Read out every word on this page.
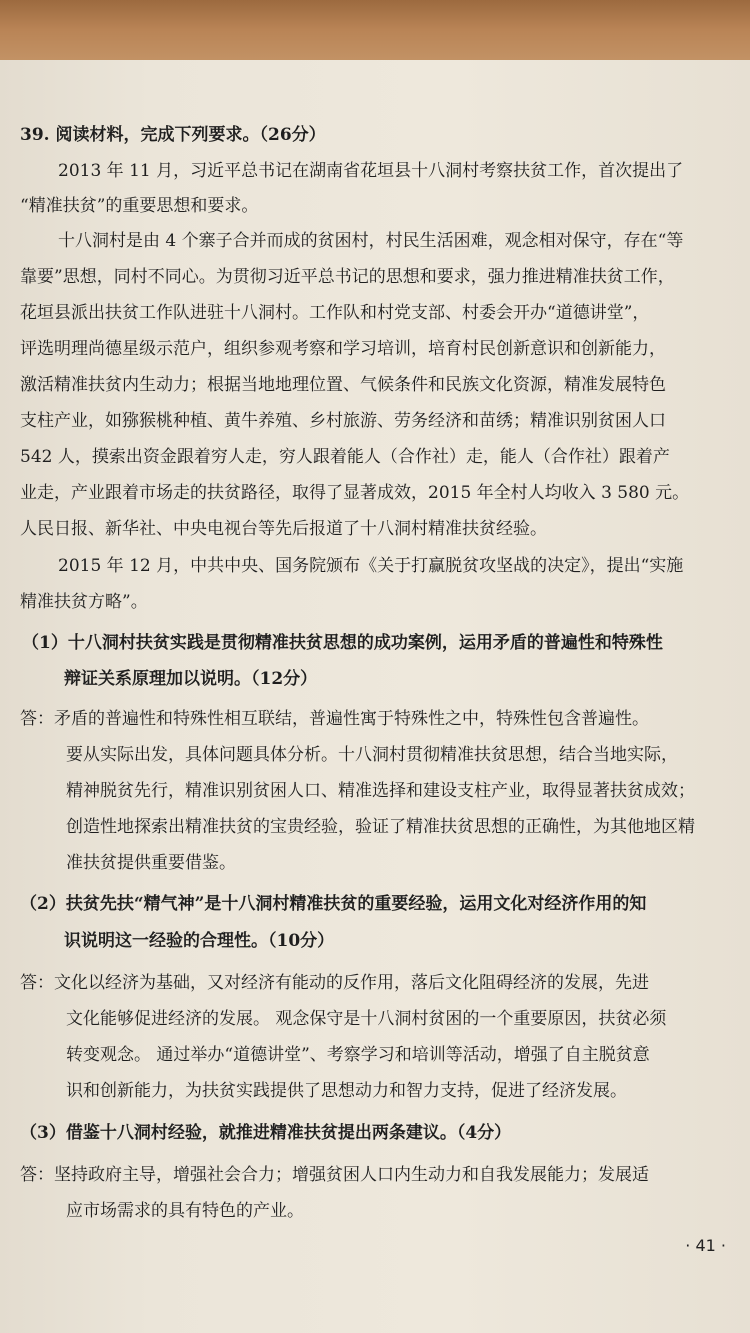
39. 阅读材料，完成下列要求。（26分）
2013 年 11 月，习近平总书记在湖南省花垣县十八洞村考察扶贫工作，首次提出了
“精准扶贫”的重要思想和要求。
十八洞村是由 4 个寨子合并而成的贫困村，村民生活困难，观念相对保守，存在“等
靠要”思想，同村不同心。为贯彻习近平总书记的思想和要求，强力推进精准扶贫工作，
花垣县派出扶贫工作队进驻十八洞村。工作队和村党支部、村委会开办“道德讲堂”，
评选明理尚德星级示范户，组织参观考察和学习培训，培育村民创新意识和创新能力，
激活精准扶贫内生动力；根据当地地理位置、气候条件和民族文化资源，精准发展特色
支柱产业，如猕猴桃种植、黄牛养殖、乡村旅游、劳务经济和苗绣；精准识别贫困人口
542 人，摸索出资金跟着穷人走，穷人跟着能人（合作社）走，能人（合作社）跟着产
业走，产业跟着市场走的扶贫路径，取得了显著成效，2015 年全村人均收入 3 580 元。
人民日报、新华社、中央电视台等先后报道了十八洞村精准扶贫经验。
2015 年 12 月，中共中央、国务院颁布《关于打赢脱贫攻坚战的决定》，提出“实施
精准扶贫方略”。
（1）十八洞村扶贫实践是贯彻精准扶贫思想的成功案例，运用矛盾的普遍性和特殊性
辩证关系原理加以说明。（12分）
答：矛盾的普遍性和特殊性相互联结，普遍性寓于特殊性之中，特殊性包含普遍性。
要从实际出发，具体问题具体分析。十八洞村贯彻精准扶贫思想，结合当地实际，
精神脱贫先行，精准识别贫困人口、精准选择和建设支柱产业，取得显著扶贫成效；
创造性地探索出精准扶贫的宝贵经验，验证了精准扶贫思想的正确性，为其他地区精
准扶贫提供重要借鉴。
（2）扶贫先扶“精气神”是十八洞村精准扶贫的重要经验，运用文化对经济作用的知
识说明这一经验的合理性。（10分）
答：文化以经济为基础，又对经济有能动的反作用，落后文化阻碍经济的发展，先进
文化能够促进经济的发展。 观念保守是十八洞村贫困的一个重要原因，扶贫必须
转变观念。 通过举办“道德讲堂”、考察学习和培训等活动，增强了自主脱贫意
识和创新能力，为扶贫实践提供了思想动力和智力支持，促进了经济发展。
（3）借鉴十八洞村经验，就推进精准扶贫提出两条建议。（4分）
答：坚持政府主导，增强社会合力；增强贫困人口内生动力和自我发展能力；发展适
应市场需求的具有特色的产业。
· 41 ·
